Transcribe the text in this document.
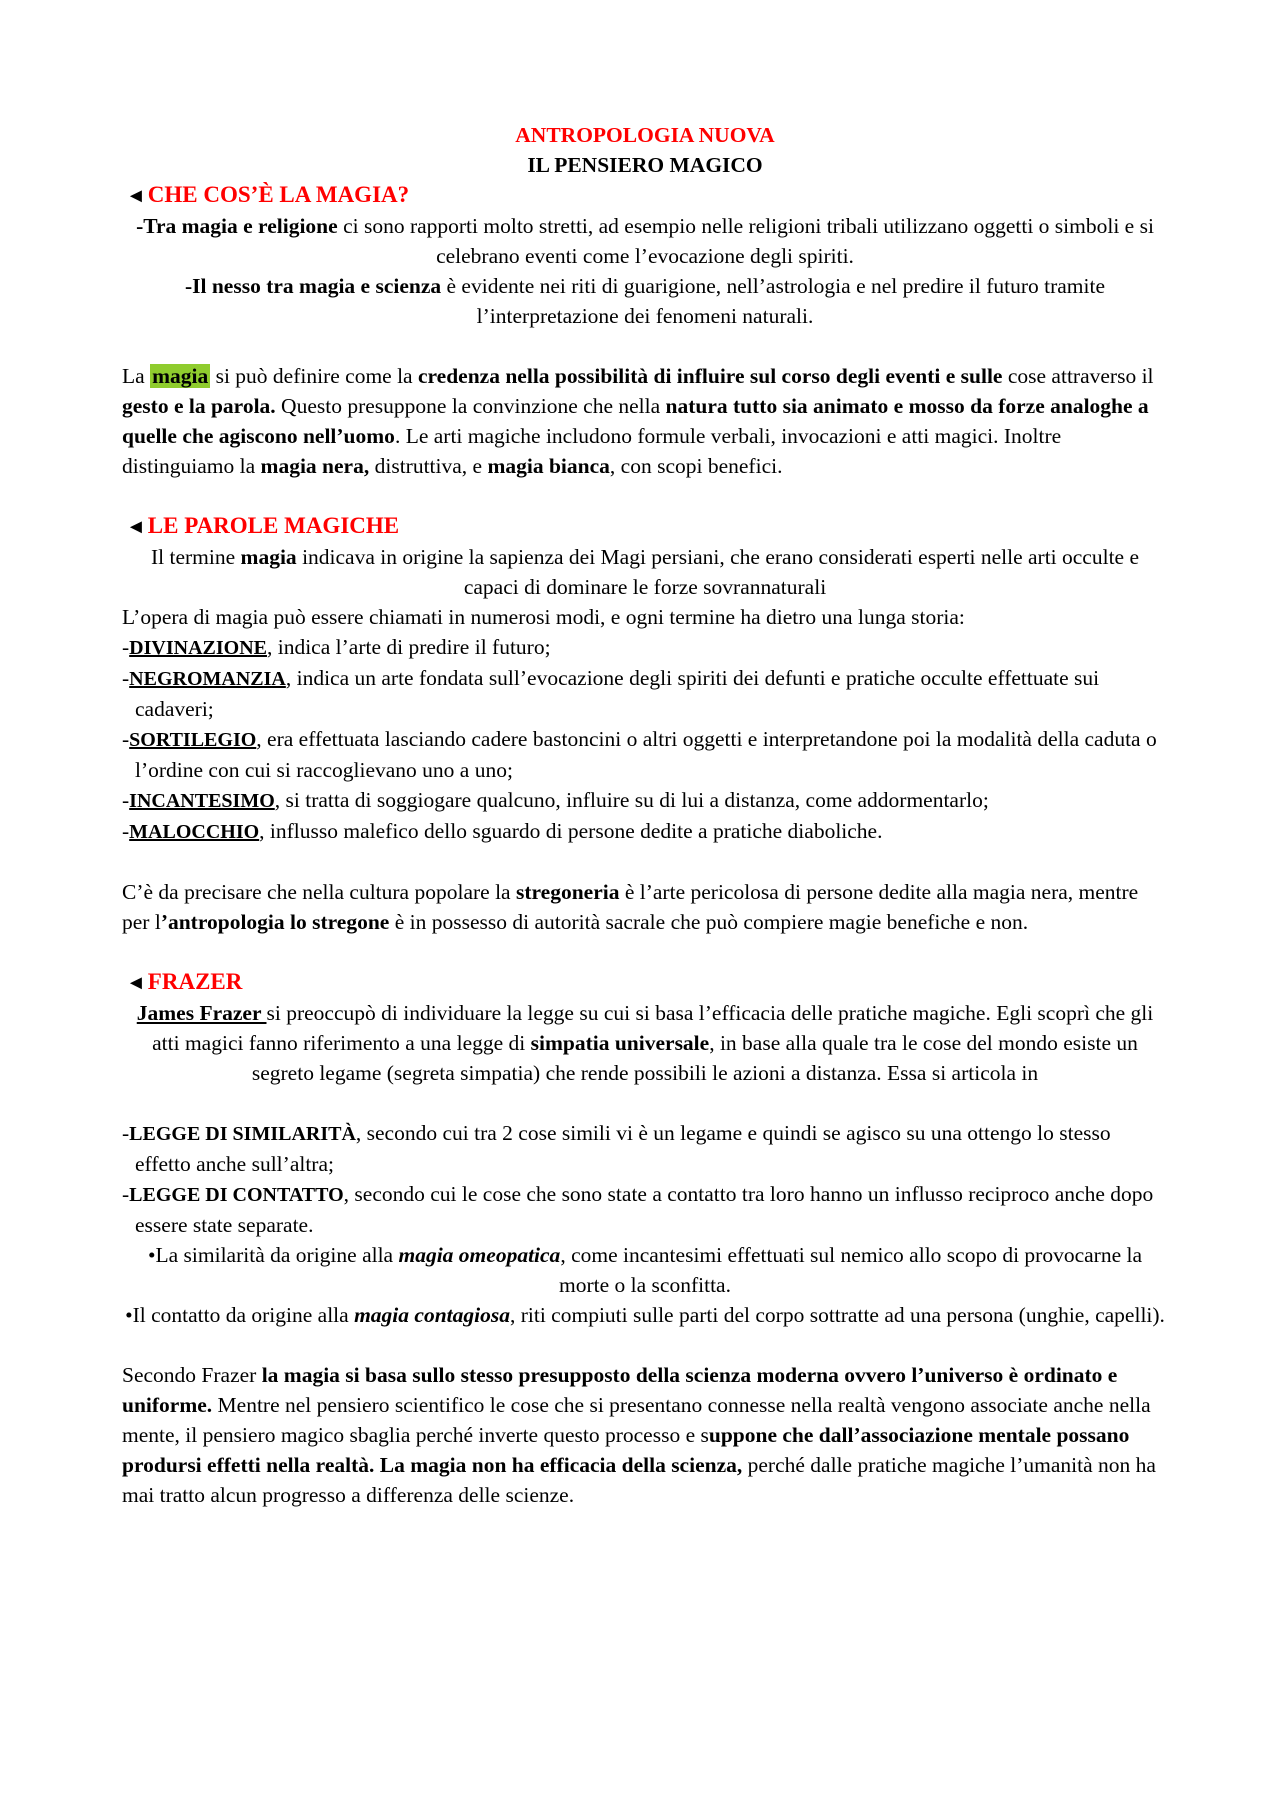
ANTROPOLOGIA NUOVA
IL PENSIERO MAGICO
◄CHE COS’È LA MAGIA?

-Tra magia e religione ci sono rapporti molto stretti, ad esempio nelle religioni tribali utilizzano oggetti o simboli e si celebrano eventi come l’evocazione degli spiriti.

-Il nesso tra magia e scienza è evidente nei riti di guarigione, nell’astrologia e nel predire il futuro tramite l’interpretazione dei fenomeni naturali.

La magia si può definire come la credenza nella possibilità di influire sul corso degli eventi e sulle cose attraverso il gesto e la parola. Questo presuppone la convinzione che nella natura tutto sia animato e mosso da forze analoghe a quelle che agiscono nell’uomo. Le arti magiche includono formule verbali, invocazioni e atti magici. Inoltre distinguiamo la magia nera, distruttiva, e magia bianca, con scopi benefici.

◄LE PAROLE MAGICHE

Il termine magia indicava in origine la sapienza dei Magi persiani, che erano considerati esperti nelle arti occulte e capaci di dominare le forze sovrannaturali

L’opera di magia può essere chiamati in numerosi modi, e ogni termine ha dietro una lunga storia:

-DIVINAZIONE, indica l’arte di predire il futuro;

-NEGROMANZIA, indica un arte fondata sull’evocazione degli spiriti dei defunti e pratiche occulte effettuate sui cadaveri;

-SORTILEGIO, era effettuata lasciando cadere bastoncini o altri oggetti e interpretandone poi la modalità della caduta o l’ordine con cui si raccoglievano uno a uno;

-INCANTESIMO, si tratta di soggiogare qualcuno, influire su di lui a distanza, come addormentarlo;

-MALOCCHIO, influsso malefico dello sguardo di persone dedite a pratiche diaboliche.

C’è da precisare che nella cultura popolare la stregoneria è l’arte pericolosa di persone dedite alla magia nera, mentre per l’antropologia lo stregone è in possesso di autorità sacrale che può compiere magie benefiche e non.

◄FRAZER

James Frazer si preoccupò di individuare la legge su cui si basa l’efficacia delle pratiche magiche. Egli scoprì che gli atti magici fanno riferimento a una legge di simpatia universale, in base alla quale tra le cose del mondo esiste un segreto legame (segreta simpatia) che rende possibili le azioni a distanza. Essa si articola in

-LEGGE DI SIMILARITÀ, secondo cui tra 2 cose simili vi è un legame e quindi se agisco su una ottengo lo stesso effetto anche sull’altra;

-LEGGE DI CONTATTO, secondo cui le cose che sono state a contatto tra loro hanno un influsso reciproco anche dopo essere state separate.

•La similarità da origine alla magia omeopatica, come incantesimi effettuati sul nemico allo scopo di provocarne la morte o la sconfitta.

•Il contatto da origine alla magia contagiosa, riti compiuti sulle parti del corpo sottratte ad una persona (unghie, capelli).

Secondo Frazer la magia si basa sullo stesso presupposto della scienza moderna ovvero l’universo è ordinato e uniforme. Mentre nel pensiero scientifico le cose che si presentano connesse nella realtà vengono associate anche nella mente, il pensiero magico sbaglia perché inverte questo processo e suppone che dall’associazione mentale possano prodursi effetti nella realtà. La magia non ha efficacia della scienza, perché dalle pratiche magiche l’umanità non ha mai tratto alcun progresso a differenza delle scienze.
